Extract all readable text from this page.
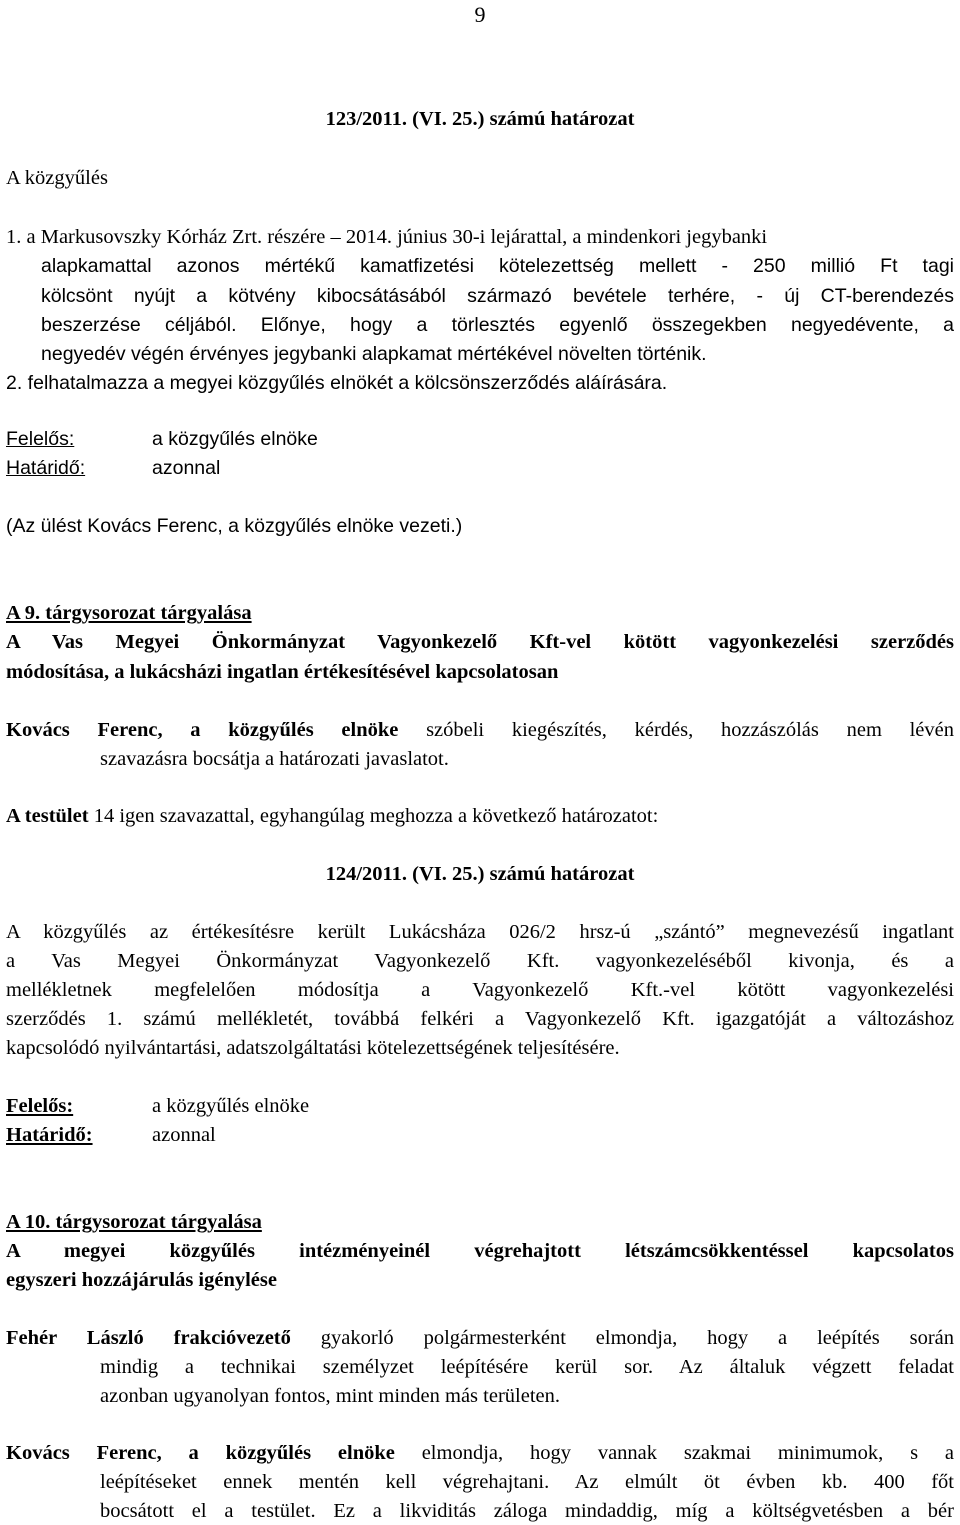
9
123/2011. (VI. 25.) számú határozat
A közgyűlés
1. a Markusovszky Kórház Zrt. részére – 2014. június 30-i lejárattal, a mindenkori jegybanki
alapkamattal azonos mértékű kamatfizetési kötelezettség mellett - 250 millió Ft tagi
kölcsönt nyújt a kötvény kibocsátásából származó bevétele terhére, - új CT-berendezés
beszerzése céljából. Előnye, hogy a törlesztés egyenlő összegekben negyedévente, a
negyedév végén érvényes jegybanki alapkamat mértékével növelten történik.
2. felhatalmazza a megyei közgyűlés elnökét a kölcsönszerződés aláírására.
Felelős:	a közgyűlés elnöke
Határidő:	azonnal
(Az ülést Kovács Ferenc, a közgyűlés elnöke vezeti.)
A 9. tárgysorozat tárgyalása
A Vas Megyei Önkormányzat Vagyonkezelő Kft-vel kötött vagyonkezelési szerződés
módosítása, a lukácsházi ingatlan értékesítésével kapcsolatosan
Kovács Ferenc, a közgyűlés elnöke szóbeli kiegészítés, kérdés, hozzászólás nem lévén
szavazásra bocsátja a határozati javaslatot.
A testület 14 igen szavazattal, egyhangúlag meghozza a következő határozatot:
124/2011. (VI. 25.) számú határozat
A közgyűlés az értékesítésre került Lukácsháza 026/2 hrsz-ú „szántó” megnevezésű ingatlant
a Vas Megyei Önkormányzat Vagyonkezelő Kft. vagyonkezeléséből kivonja, és a
mellékletnek megfelelően módosítja a Vagyonkezelő Kft.-vel kötött vagyonkezelési
szerződés 1. számú mellékletét, továbbá felkéri a Vagyonkezelő Kft. igazgatóját a változáshoz
kapcsolódó nyilvántartási, adatszolgáltatási kötelezettségének teljesítésére.
Felelős:	a közgyűlés elnöke
Határidő:	azonnal
A 10. tárgysorozat tárgyalása
A megyei közgyűlés intézményeinél végrehajtott létszámcsökkentéssel kapcsolatos
egyszeri hozzájárulás igénylése
Fehér László frakcióvezető gyakorló polgármesterként elmondja, hogy a leépítés során
mindig a technikai személyzet leépítésére kerül sor. Az általuk végzett feladat
azonban ugyanolyan fontos, mint minden más területen.
Kovács Ferenc, a közgyűlés elnöke elmondja, hogy vannak szakmai minimumok, s a
leépítéseket ennek mentén kell végrehajtani. Az elmúlt öt évben kb. 400 főt
bocsátott el a testület. Ez a likviditás záloga mindaddig, míg a költségvetésben a bér
